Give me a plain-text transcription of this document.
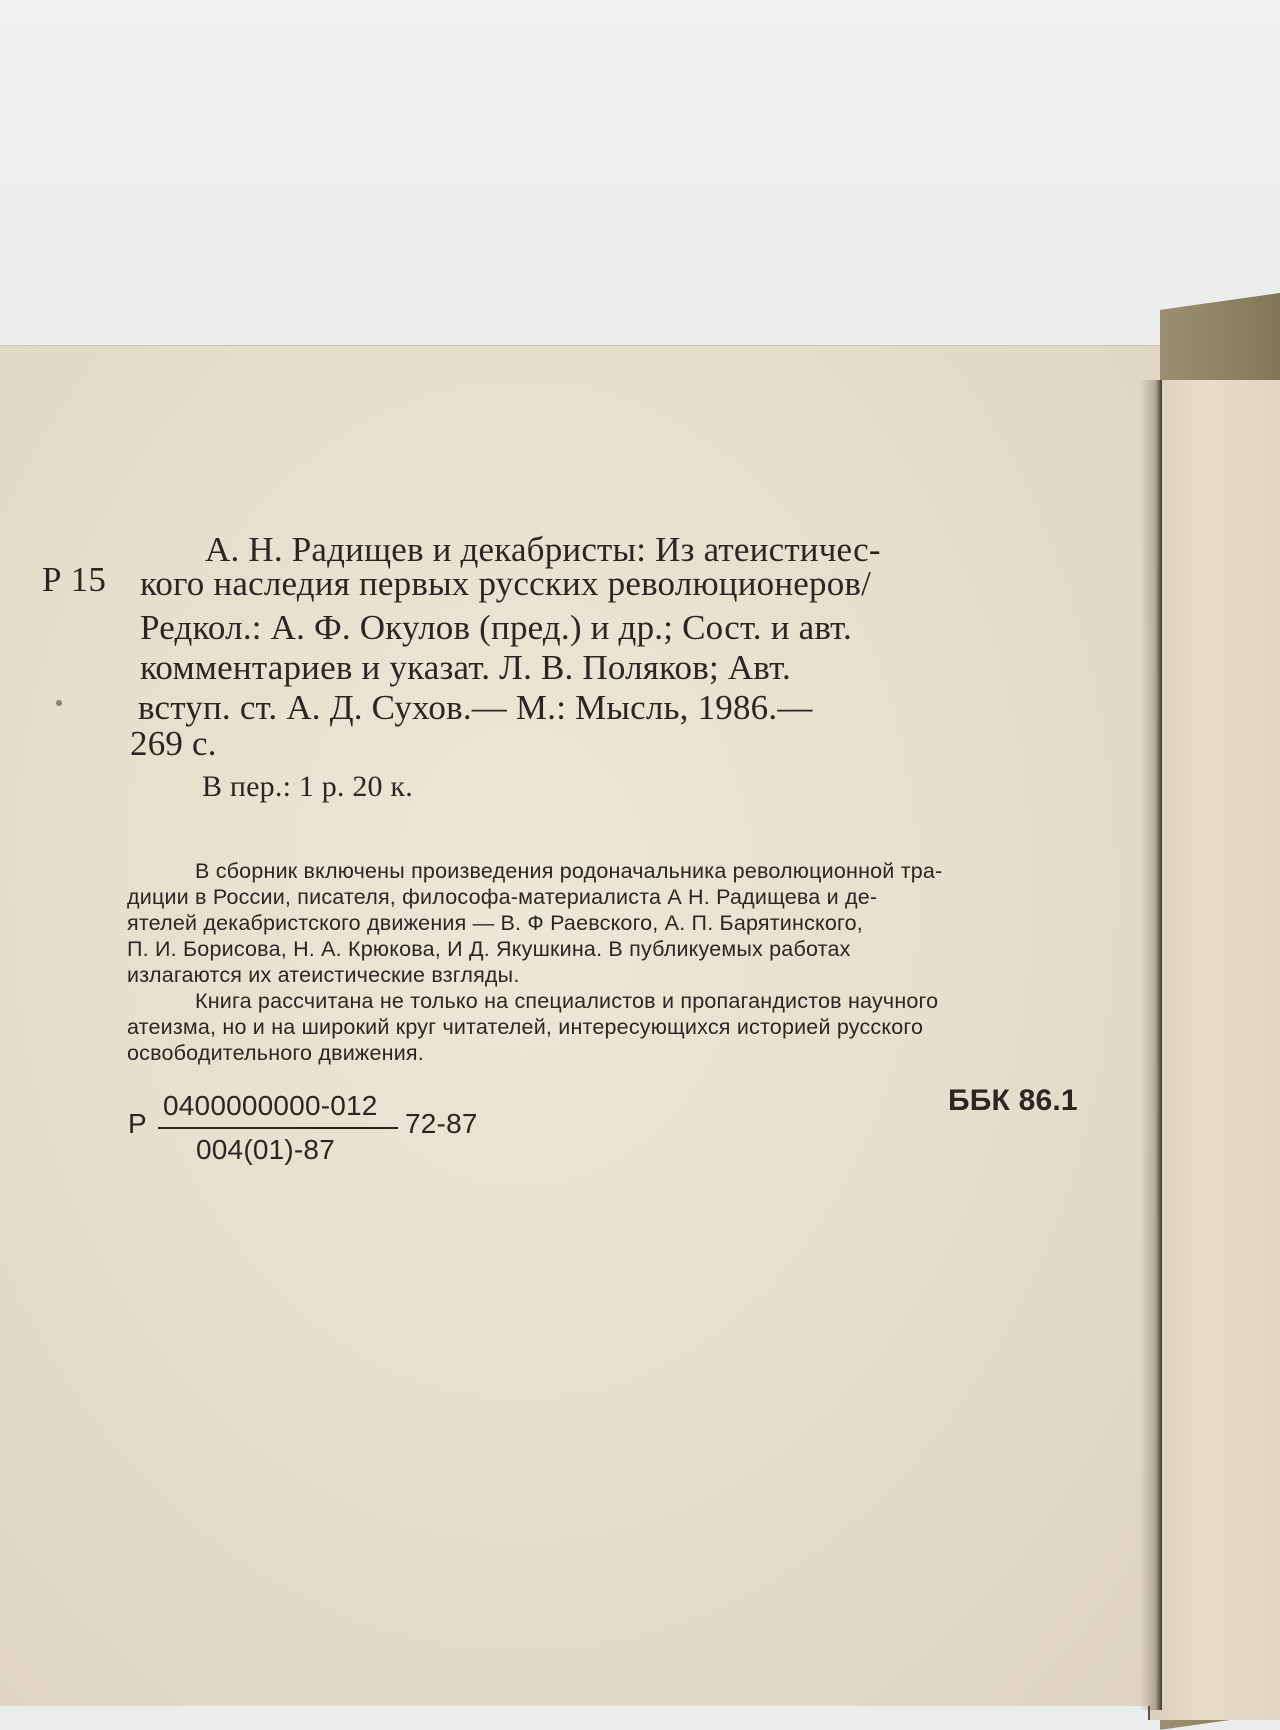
Р 15
А. Н. Радищев и декабристы: Из атеистичес-
кого наследия первых русских революционеров/
Редкол.: А. Ф. Окулов (пред.) и др.; Сост. и авт.
комментариев и указат. Л. В. Поляков; Авт.
вступ. ст. А. Д. Сухов.— М.: Мысль, 1986.—
269 с.
В пер.: 1 р. 20 к.
В сборник включены произведения родоначальника революционной тра-
диции в России, писателя, философа-материалиста А Н. Радищева и де-
ятелей декабристского движения — В. Ф Раевского, А. П. Барятинского,
П. И. Борисова, Н. А. Крюкова, И Д. Якушкина. В публикуемых работах
излагаются их атеистические взгляды.
Книга рассчитана не только на специалистов и пропагандистов научного
атеизма, но и на широкий круг читателей, интересующихся историей русского
освободительного движения.
Р
0400000000-012
004(01)-87
72-87
ББК 86.1
